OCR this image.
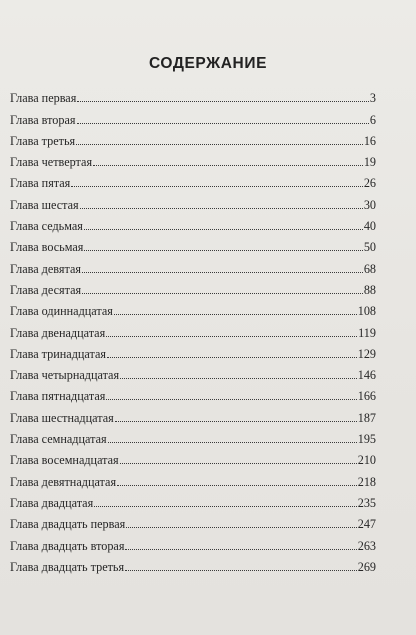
СОДЕРЖАНИЕ
Глава первая	3
Глава вторая	6
Глава третья	16
Глава четвертая	19
Глава пятая	26
Глава шестая	30
Глава седьмая	40
Глава восьмая	50
Глава девятая	68
Глава десятая	88
Глава одиннадцатая	108
Глава двенадцатая	119
Глава тринадцатая	129
Глава четырнадцатая	146
Глава пятнадцатая	166
Глава шестнадцатая	187
Глава семнадцатая	195
Глава восемнадцатая	210
Глава девятнадцатая	218
Глава двадцатая	235
Глава двадцать первая	247
Глава двадцать вторая	263
Глава двадцать третья	269
